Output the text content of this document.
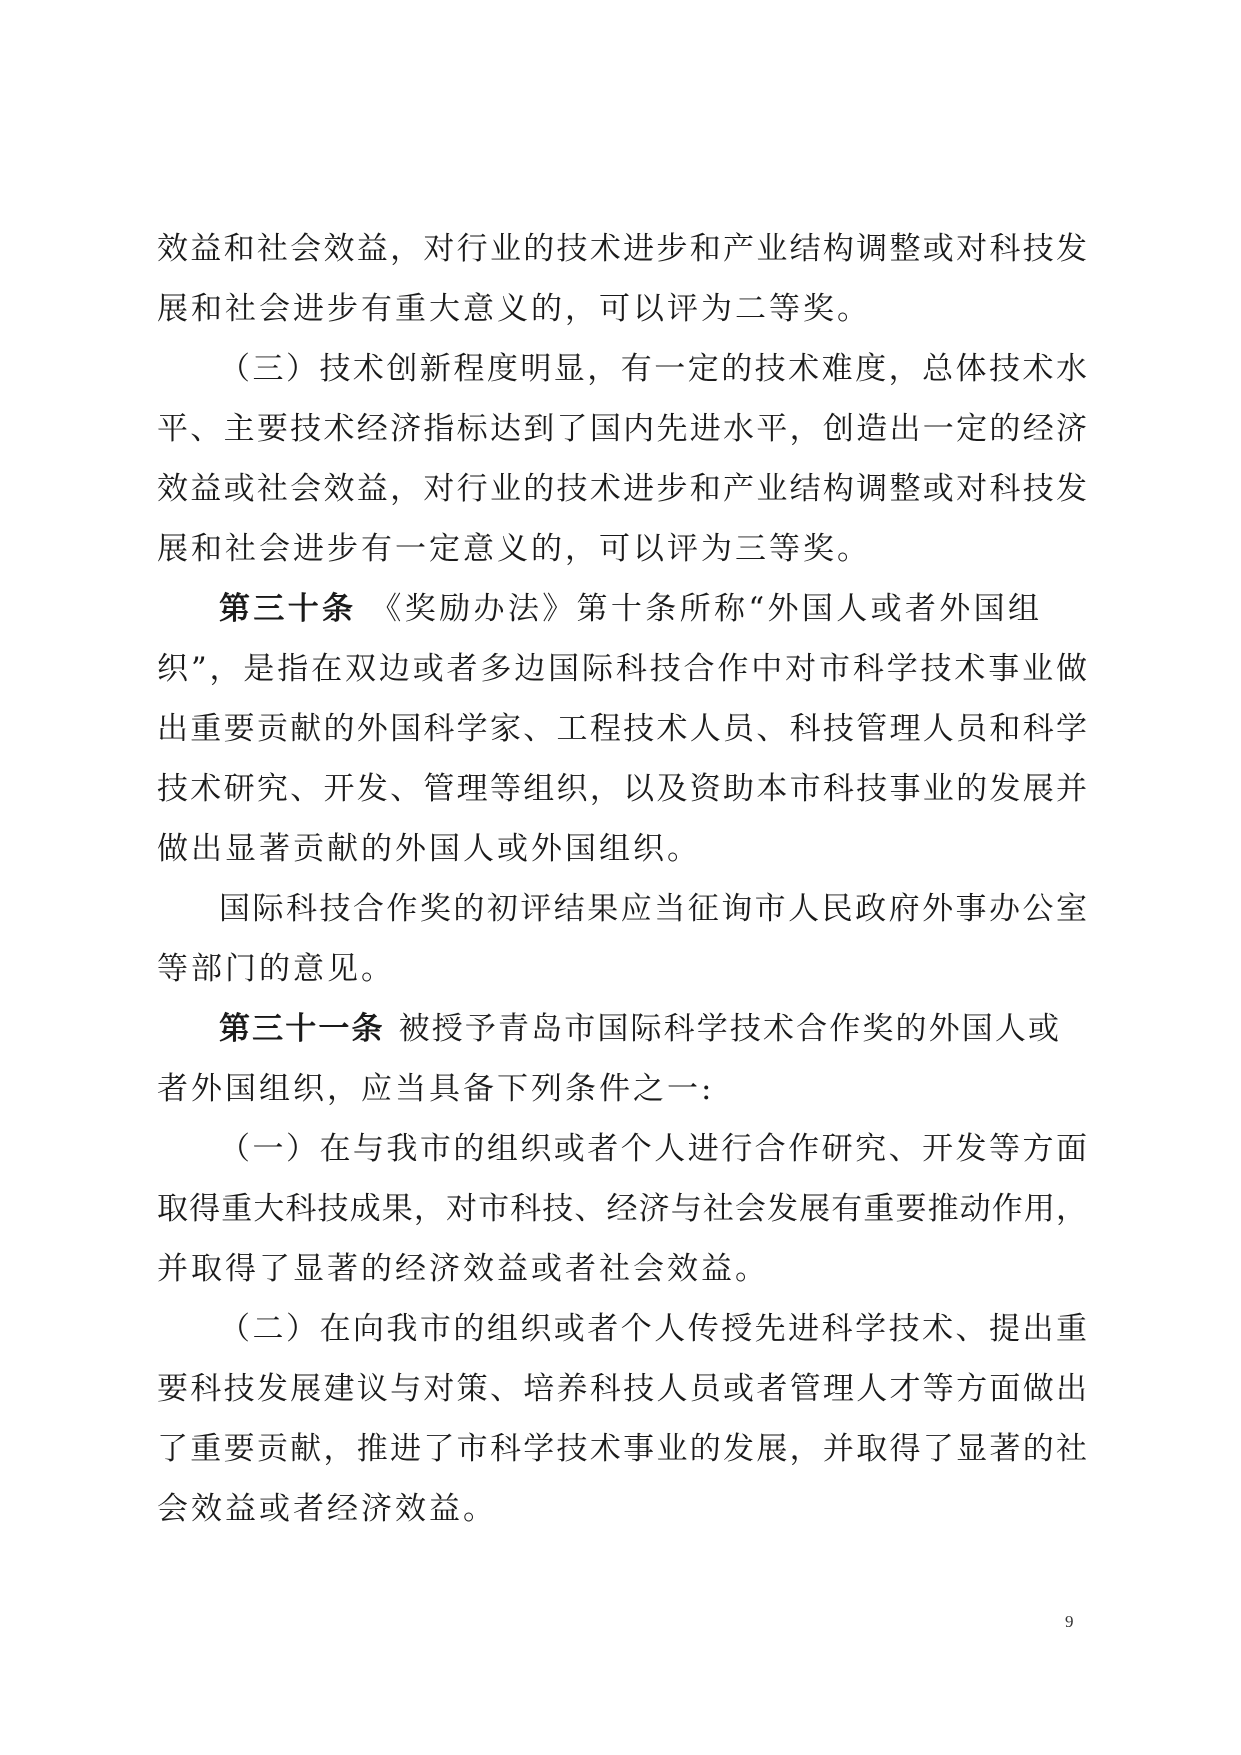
效益和社会效益，对行业的技术进步和产业结构调整或对科技发
展和社会进步有重大意义的，可以评为二等奖。
（三）技术创新程度明显，有一定的技术难度，总体技术水
平、主要技术经济指标达到了国内先进水平，创造出一定的经济
效益或社会效益，对行业的技术进步和产业结构调整或对科技发
展和社会进步有一定意义的，可以评为三等奖。
第三十条 《奖励办法》第十条所称“外国人或者外国组
织”，是指在双边或者多边国际科技合作中对市科学技术事业做
出重要贡献的外国科学家、工程技术人员、科技管理人员和科学
技术研究、开发、管理等组织，以及资助本市科技事业的发展并
做出显著贡献的外国人或外国组织。
国际科技合作奖的初评结果应当征询市人民政府外事办公室
等部门的意见。
第三十一条 被授予青岛市国际科学技术合作奖的外国人或
者外国组织，应当具备下列条件之一:
（一）在与我市的组织或者个人进行合作研究、开发等方面
取得重大科技成果，对市科技、经济与社会发展有重要推动作用，
并取得了显著的经济效益或者社会效益。
（二）在向我市的组织或者个人传授先进科学技术、提出重
要科技发展建议与对策、培养科技人员或者管理人才等方面做出
了重要贡献，推进了市科学技术事业的发展，并取得了显著的社
会效益或者经济效益。
9
